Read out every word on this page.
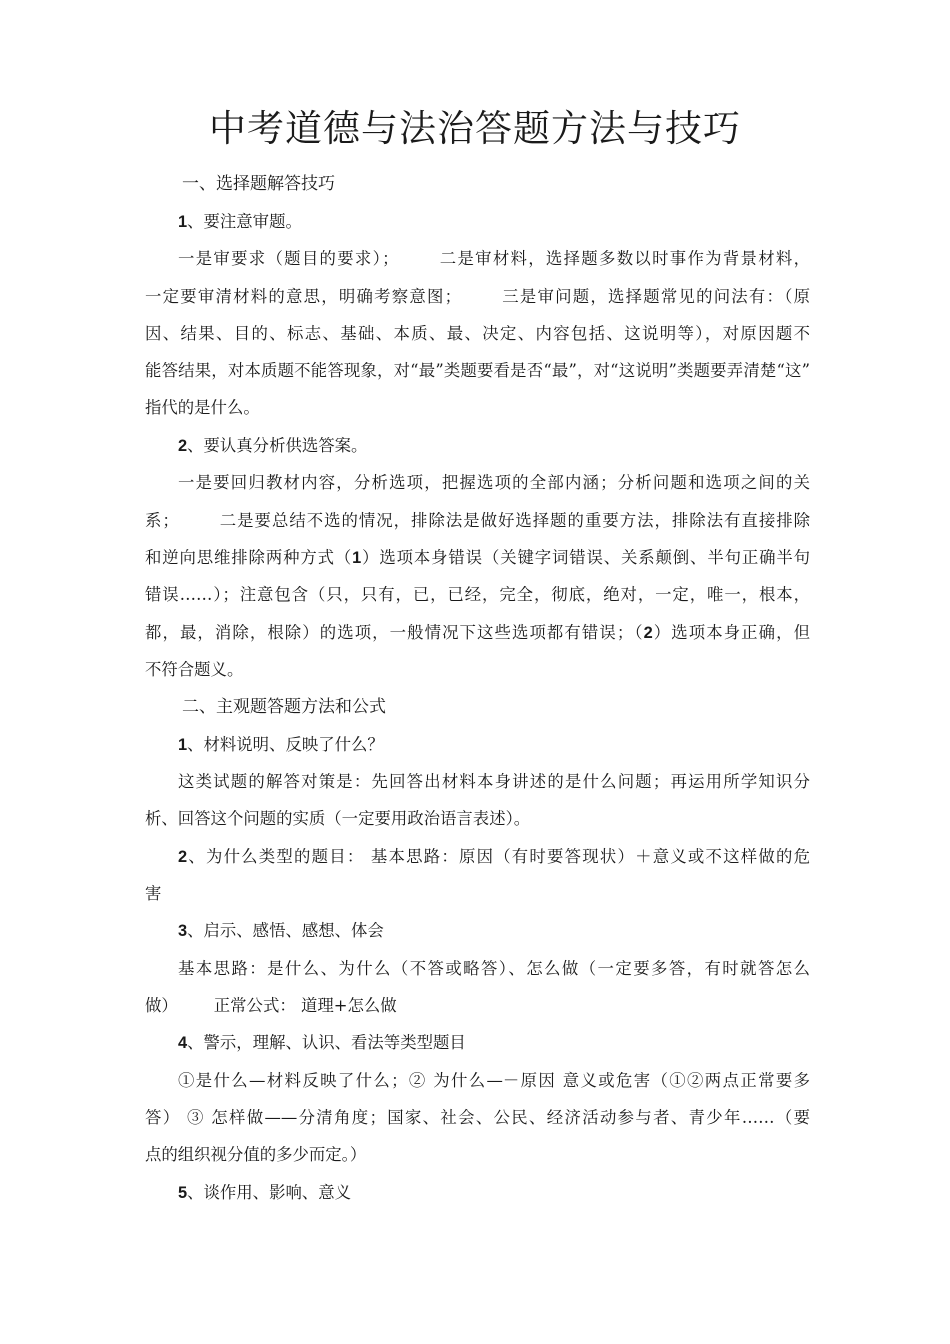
中考道德与法治答题方法与技巧
一、选择题解答技巧
1、要注意审题。
一是审要求（题目的要求）； 二是审材料，选择题多数以时事作为背景材料，
一定要审清材料的意思，明确考察意图； 三是审问题，选择题常见的问法有：（原
因、结果、目的、标志、基础、本质、最、决定、内容包括、这说明等），对原因题不
能答结果，对本质题不能答现象，对“最”类题要看是否“最”，对“这说明”类题要弄清楚“这”
指代的是什么。
2、要认真分析供选答案。
一是要回归教材内容，分析选项，把握选项的全部内涵；分析问题和选项之间的关
系； 二是要总结不选的情况，排除法是做好选择题的重要方法，排除法有直接排除
和逆向思维排除两种方式（1）选项本身错误（关键字词错误、关系颠倒、半句正确半句
错误……）；注意包含（只，只有，已，已经，完全，彻底，绝对，一定，唯一，根本，
都，最，消除，根除）的选项，一般情况下这些选项都有错误；（2）选项本身正确，但
不符合题义。
二、主观题答题方法和公式
1、材料说明、反映了什么？
这类试题的解答对策是：先回答出材料本身讲述的是什么问题；再运用所学知识分
析、回答这个问题的实质（一定要用政治语言表述）。
2、为什么类型的题目： 基本思路：原因（有时要答现状）＋意义或不这样做的危
害
3、启示、感悟、感想、体会
基本思路：是什么、为什么（不答或略答）、怎么做（一定要多答，有时就答怎么
做） 正常公式： 道理+怎么做
4、警示，理解、认识、看法等类型题目
①是什么—材料反映了什么；② 为什么—－原因 意义或危害（①②两点正常要多
答） ③ 怎样做——分清角度；国家、社会、公民、经济活动参与者、青少年……（要
点的组织视分值的多少而定。）
5、谈作用、影响、意义
